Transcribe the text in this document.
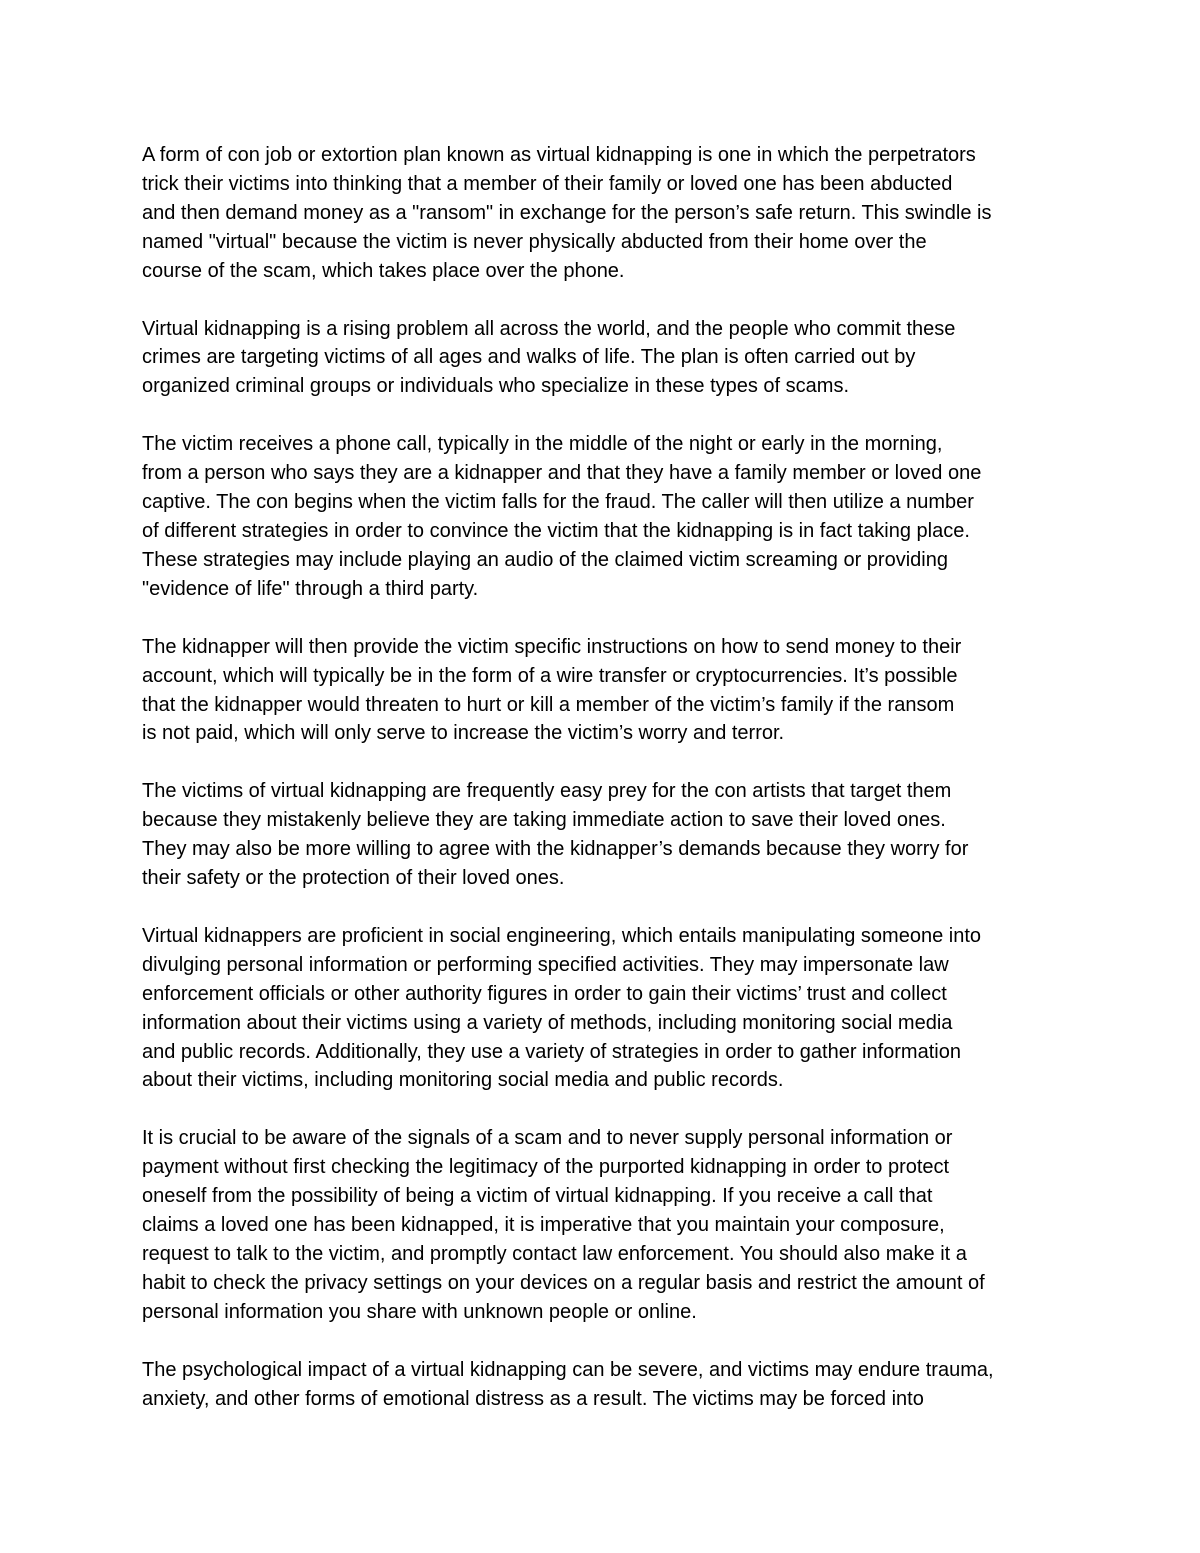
A form of con job or extortion plan known as virtual kidnapping is one in which the perpetrators
trick their victims into thinking that a member of their family or loved one has been abducted
and then demand money as a "ransom" in exchange for the person’s safe return. This swindle is
named "virtual" because the victim is never physically abducted from their home over the
course of the scam, which takes place over the phone.

Virtual kidnapping is a rising problem all across the world, and the people who commit these
crimes are targeting victims of all ages and walks of life. The plan is often carried out by
organized criminal groups or individuals who specialize in these types of scams.

The victim receives a phone call, typically in the middle of the night or early in the morning,
from a person who says they are a kidnapper and that they have a family member or loved one
captive. The con begins when the victim falls for the fraud. The caller will then utilize a number
of different strategies in order to convince the victim that the kidnapping is in fact taking place.
These strategies may include playing an audio of the claimed victim screaming or providing
"evidence of life" through a third party.

The kidnapper will then provide the victim specific instructions on how to send money to their
account, which will typically be in the form of a wire transfer or cryptocurrencies. It’s possible
that the kidnapper would threaten to hurt or kill a member of the victim’s family if the ransom
is not paid, which will only serve to increase the victim’s worry and terror.

The victims of virtual kidnapping are frequently easy prey for the con artists that target them
because they mistakenly believe they are taking immediate action to save their loved ones.
They may also be more willing to agree with the kidnapper’s demands because they worry for
their safety or the protection of their loved ones.

Virtual kidnappers are proficient in social engineering, which entails manipulating someone into
divulging personal information or performing specified activities. They may impersonate law
enforcement officials or other authority figures in order to gain their victims’ trust and collect
information about their victims using a variety of methods, including monitoring social media
and public records. Additionally, they use a variety of strategies in order to gather information
about their victims, including monitoring social media and public records.

It is crucial to be aware of the signals of a scam and to never supply personal information or
payment without first checking the legitimacy of the purported kidnapping in order to protect
oneself from the possibility of being a victim of virtual kidnapping. If you receive a call that
claims a loved one has been kidnapped, it is imperative that you maintain your composure,
request to talk to the victim, and promptly contact law enforcement. You should also make it a
habit to check the privacy settings on your devices on a regular basis and restrict the amount of
personal information you share with unknown people or online.

The psychological impact of a virtual kidnapping can be severe, and victims may endure trauma,
anxiety, and other forms of emotional distress as a result. The victims may be forced into
